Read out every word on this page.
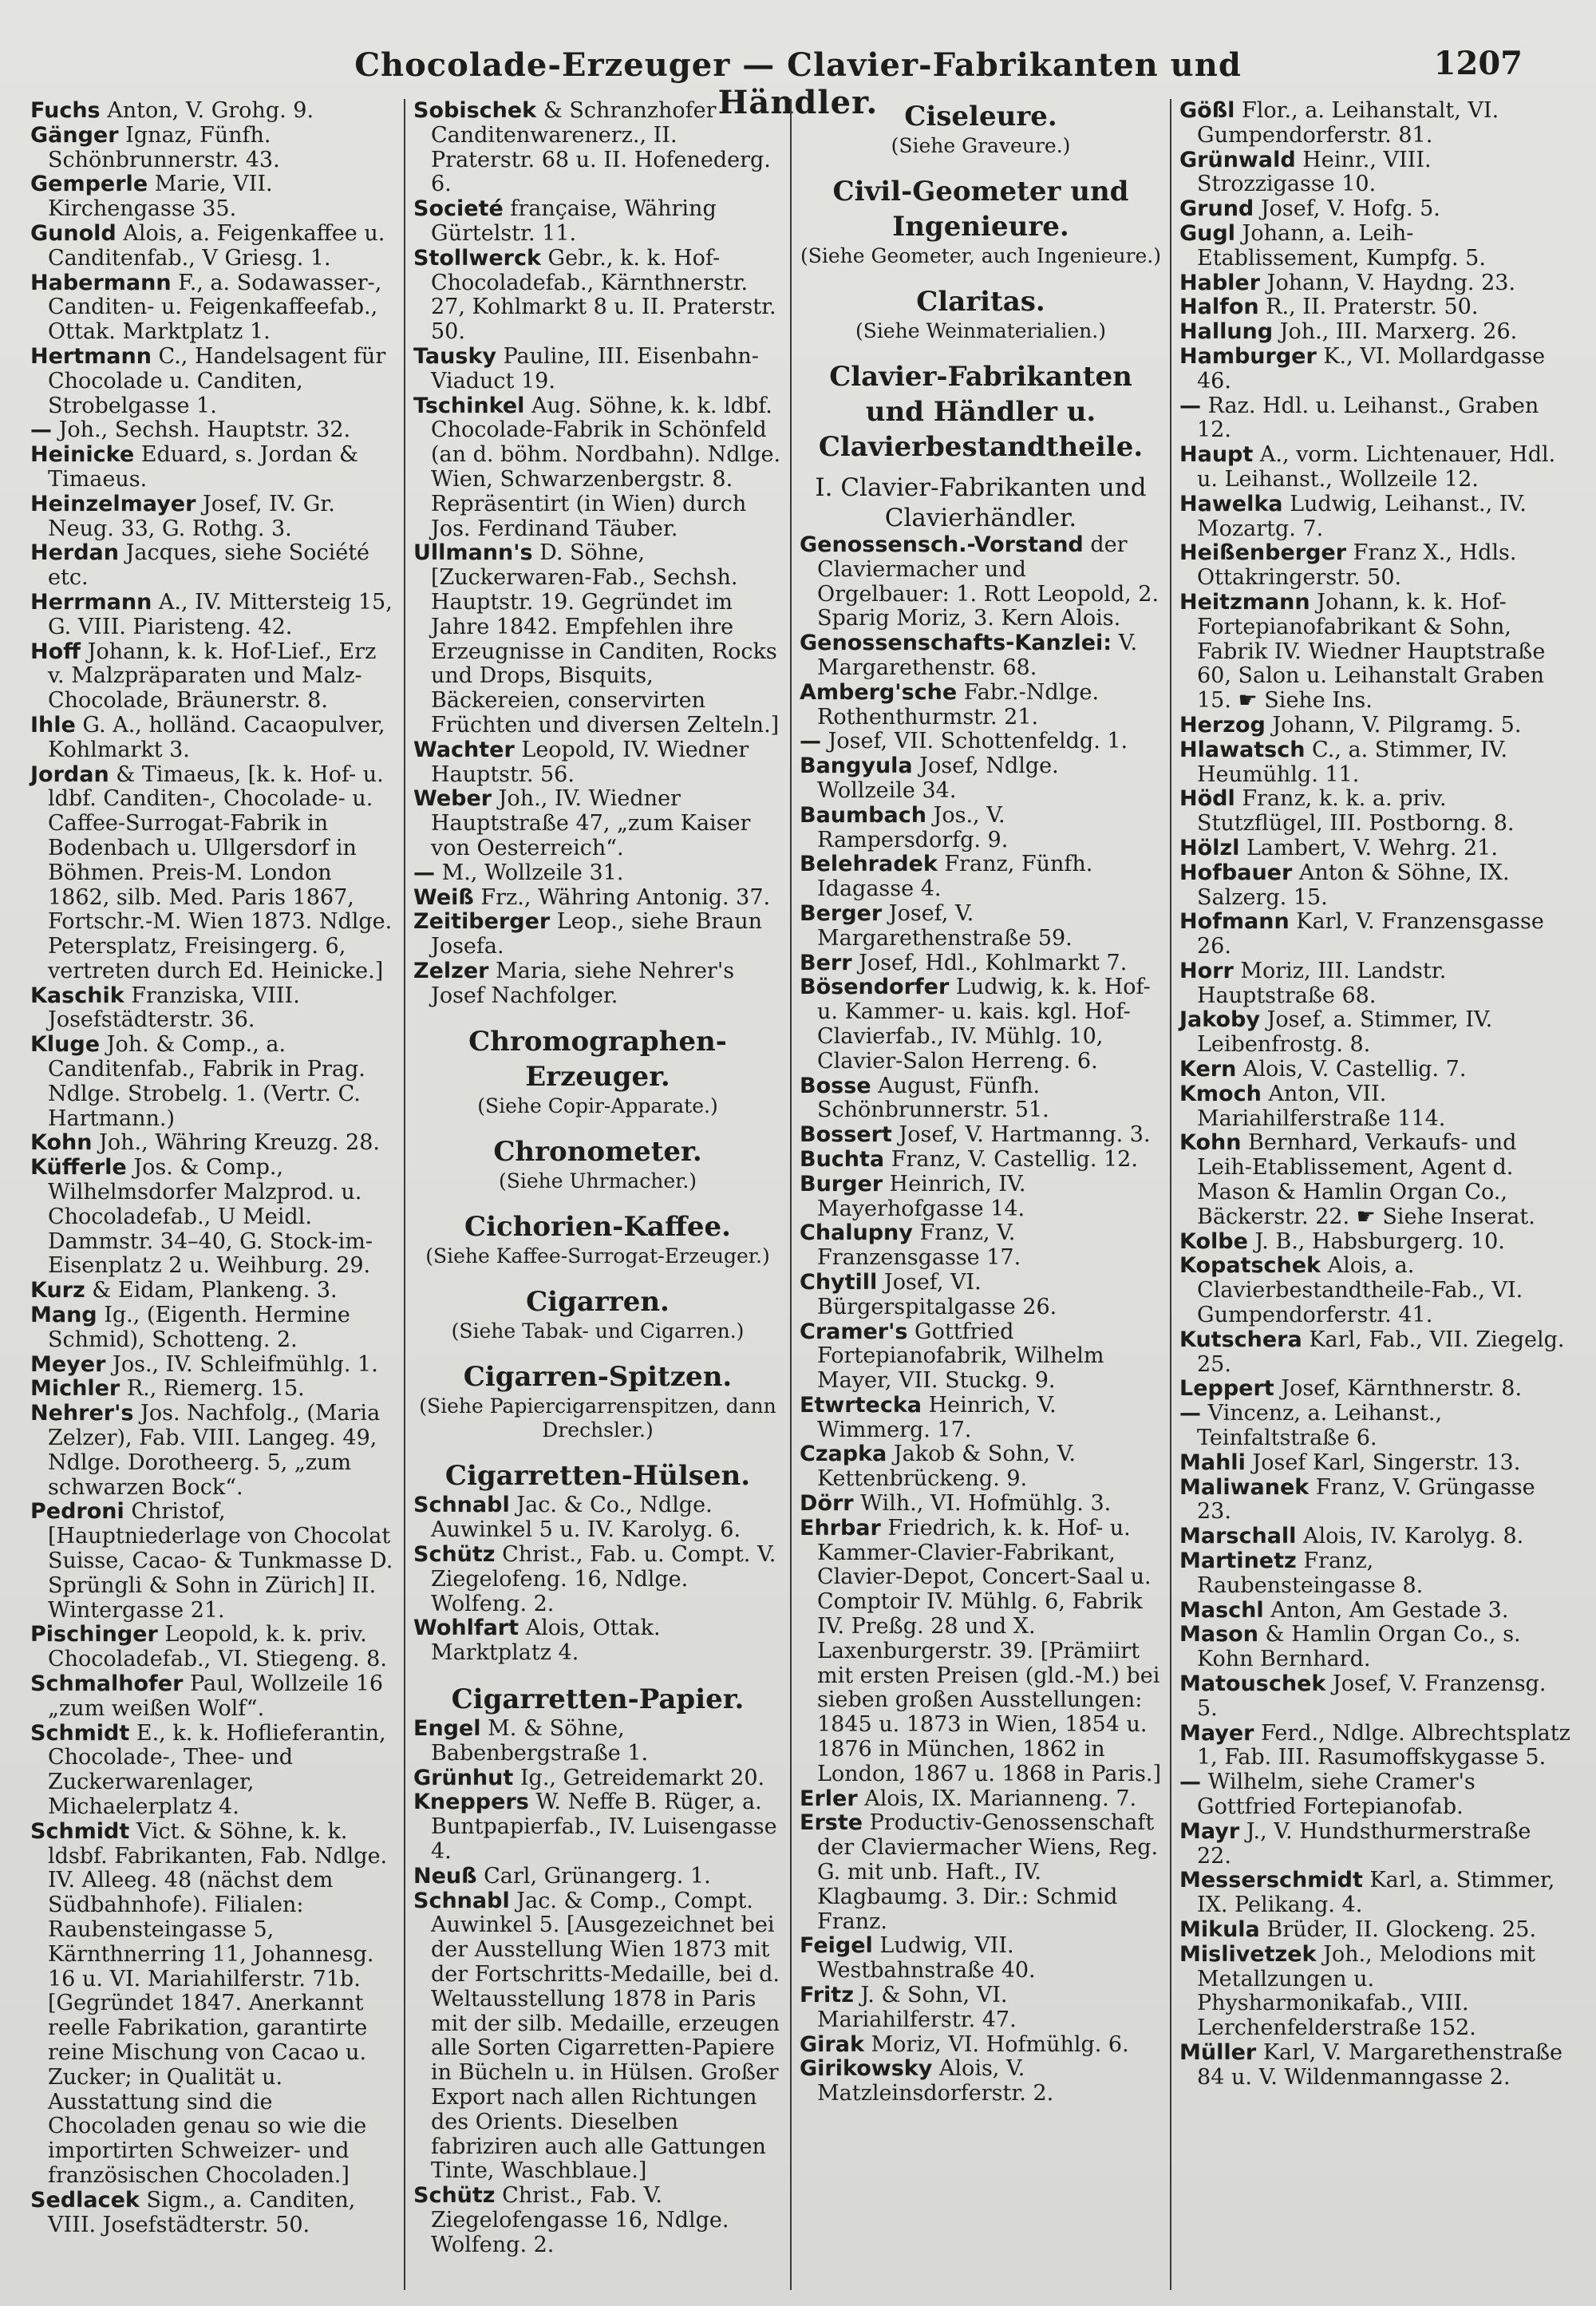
Chocolade-Erzeuger — Clavier-Fabrikanten und Händler.
1207

Fuchs Anton, V. Grohg. 9.

Gänger Ignaz, Fünfh. Schönbrunnerstr. 43.

Gemperle Marie, VII. Kirchengasse 35.

Gunold Alois, a. Feigenkaffee u. Canditenfab., V Griesg. 1.

Habermann F., a. Sodawasser-, Canditen- u. Feigenkaffeefab., Ottak. Marktplatz 1.

Hertmann C., Handelsagent für Chocolade u. Canditen, Strobelgasse 1.

— Joh., Sechsh. Hauptstr. 32.

Heinicke Eduard, s. Jordan & Timaeus.

Heinzelmayer Josef, IV. Gr. Neug. 33, G. Rothg. 3.

Herdan Jacques, siehe Société etc.

Herrmann A., IV. Mittersteig 15, G. VIII. Piaristeng. 42.

Hoff Johann, k. k. Hof-Lief., Erz v. Malzpräparaten und Malz-Chocolade, Bräunerstr. 8.

Ihle G. A., holländ. Cacaopulver, Kohlmarkt 3.

Jordan & Timaeus, [k. k. Hof- u. ldbf. Canditen-, Chocolade- u. Caffee-Surrogat-Fabrik in Bodenbach u. Ullgersdorf in Böhmen. Preis-M. London 1862, silb. Med. Paris 1867, Fortschr.-M. Wien 1873. Ndlge. Petersplatz, Freisingerg. 6, vertreten durch Ed. Heinicke.]

Kaschik Franziska, VIII. Josefstädterstr. 36.

Kluge Joh. & Comp., a. Canditenfab., Fabrik in Prag. Ndlge. Strobelg. 1. (Vertr. C. Hartmann.)

Kohn Joh., Währing Kreuzg. 28.

Küfferle Jos. & Comp., Wilhelmsdorfer Malzprod. u. Chocoladefab., U Meidl. Dammstr. 34–40, G. Stock-im-Eisenplatz 2 u. Weihburg. 29.

Kurz & Eidam, Plankeng. 3.

Mang Ig., (Eigenth. Hermine Schmid), Schotteng. 2.

Meyer Jos., IV. Schleifmühlg. 1.

Michler R., Riemerg. 15.

Nehrer's Jos. Nachfolg., (Maria Zelzer), Fab. VIII. Langeg. 49, Ndlge. Dorotheerg. 5, „zum schwarzen Bock“.

Pedroni Christof, [Hauptniederlage von Chocolat Suisse, Cacao- & Tunkmasse D. Sprüngli & Sohn in Zürich] II. Wintergasse 21.

Pischinger Leopold, k. k. priv. Chocoladefab., VI. Stiegeng. 8.

Schmalhofer Paul, Wollzeile 16 „zum weißen Wolf“.

Schmidt E., k. k. Hoflieferantin, Chocolade-, Thee- und Zuckerwarenlager, Michaelerplatz 4.

Schmidt Vict. & Söhne, k. k. ldsbf. Fabrikanten, Fab. Ndlge. IV. Alleeg. 48 (nächst dem Südbahnhofe). Filialen: Raubensteingasse 5, Kärnthnerring 11, Johannesg. 16 u. VI. Mariahilferstr. 71b. [Gegründet 1847. Anerkannt reelle Fabrikation, garantirte reine Mischung von Cacao u. Zucker; in Qualität u. Ausstattung sind die Chocoladen genau so wie die importirten Schweizer- und französischen Chocoladen.]

Sedlacek Sigm., a. Canditen, VIII. Josefstädterstr. 50.

Sobischek & Schranzhofer Canditenwarenerz., II. Praterstr. 68 u. II. Hofenederg. 6.

Societé française, Währing Gürtelstr. 11.

Stollwerck Gebr., k. k. Hof-Chocoladefab., Kärnthnerstr. 27, Kohlmarkt 8 u. II. Praterstr. 50.

Tausky Pauline, III. Eisenbahn-Viaduct 19.

Tschinkel Aug. Söhne, k. k. ldbf. Chocolade-Fabrik in Schönfeld (an d. böhm. Nordbahn). Ndlge. Wien, Schwarzenbergstr. 8. Repräsentirt (in Wien) durch Jos. Ferdinand Täuber.

Ullmann's D. Söhne, [Zuckerwaren-Fab., Sechsh. Hauptstr. 19. Gegründet im Jahre 1842. Empfehlen ihre Erzeugnisse in Canditen, Rocks und Drops, Bisquits, Bäckereien, conservirten Früchten und diversen Zelteln.]

Wachter Leopold, IV. Wiedner Hauptstr. 56.

Weber Joh., IV. Wiedner Hauptstraße 47, „zum Kaiser von Oesterreich“.

— M., Wollzeile 31.

Weiß Frz., Währing Antonig. 37.

Zeitiberger Leop., siehe Braun Josefa.

Zelzer Maria, siehe Nehrer's Josef Nachfolger.

Chromographen-Erzeuger.
(Siehe Copir-Apparate.)
Chronometer.
(Siehe Uhrmacher.)
Cichorien-Kaffee.
(Siehe Kaffee-Surrogat-Erzeuger.)
Cigarren.
(Siehe Tabak- und Cigarren.)
Cigarren-Spitzen.
(Siehe Papiercigarrenspitzen, dann Drechsler.)
Cigarretten-Hülsen.

Schnabl Jac. & Co., Ndlge. Auwinkel 5 u. IV. Karolyg. 6.

Schütz Christ., Fab. u. Compt. V. Ziegelofeng. 16, Ndlge. Wolfeng. 2.

Wohlfart Alois, Ottak. Marktplatz 4.

Cigarretten-Papier.

Engel M. & Söhne, Babenbergstraße 1.

Grünhut Ig., Getreidemarkt 20.

Kneppers W. Neffe B. Rüger, a. Buntpapierfab., IV. Luisengasse 4.

Neuß Carl, Grünangerg. 1.

Schnabl Jac. & Comp., Compt. Auwinkel 5. [Ausgezeichnet bei der Ausstellung Wien 1873 mit der Fortschritts-Medaille, bei d. Weltausstellung 1878 in Paris mit der silb. Medaille, erzeugen alle Sorten Cigarretten-Papiere in Bücheln u. in Hülsen. Großer Export nach allen Richtungen des Orients. Dieselben fabriziren auch alle Gattungen Tinte, Waschblaue.]

Schütz Christ., Fab. V. Ziegelofengasse 16, Ndlge. Wolfeng. 2.

Ciseleure.
(Siehe Graveure.)
Civil-Geometer und Ingenieure.
(Siehe Geometer, auch Ingenieure.)
Claritas.
(Siehe Weinmaterialien.)
Clavier-Fabrikanten und Händler u. Clavierbestandtheile.
I. Clavier-Fabrikanten und Clavierhändler.

Genossensch.-Vorstand der Claviermacher und Orgelbauer: 1. Rott Leopold, 2. Sparig Moriz, 3. Kern Alois.

Genossenschafts-Kanzlei: V. Margarethenstr. 68.

Amberg'sche Fabr.-Ndlge. Rothenthurmstr. 21.

— Josef, VII. Schottenfeldg. 1.

Bangyula Josef, Ndlge. Wollzeile 34.

Baumbach Jos., V. Rampersdorfg. 9.

Belehradek Franz, Fünfh. Idagasse 4.

Berger Josef, V. Margarethenstraße 59.

Berr Josef, Hdl., Kohlmarkt 7.

Bösendorfer Ludwig, k. k. Hof- u. Kammer- u. kais. kgl. Hof-Clavierfab., IV. Mühlg. 10, Clavier-Salon Herreng. 6.

Bosse August, Fünfh. Schönbrunnerstr. 51.

Bossert Josef, V. Hartmanng. 3.

Buchta Franz, V. Castellig. 12.

Burger Heinrich, IV. Mayerhofgasse 14.

Chalupny Franz, V. Franzensgasse 17.

Chytill Josef, VI. Bürgerspitalgasse 26.

Cramer's Gottfried Fortepianofabrik, Wilhelm Mayer, VII. Stuckg. 9.

Etwrtecka Heinrich, V. Wimmerg. 17.

Czapka Jakob & Sohn, V. Kettenbrückeng. 9.

Dörr Wilh., VI. Hofmühlg. 3.

Ehrbar Friedrich, k. k. Hof- u. Kammer-Clavier-Fabrikant, Clavier-Depot, Concert-Saal u. Comptoir IV. Mühlg. 6, Fabrik IV. Preßg. 28 und X. Laxenburgerstr. 39. [Prämiirt mit ersten Preisen (gld.-M.) bei sieben großen Ausstellungen: 1845 u. 1873 in Wien, 1854 u. 1876 in München, 1862 in London, 1867 u. 1868 in Paris.]

Erler Alois, IX. Marianneng. 7.

Erste Productiv-Genossenschaft der Claviermacher Wiens, Reg. G. mit unb. Haft., IV. Klagbaumg. 3. Dir.: Schmid Franz.

Feigel Ludwig, VII. Westbahnstraße 40.

Fritz J. & Sohn, VI. Mariahilferstr. 47.

Girak Moriz, VI. Hofmühlg. 6.

Girikowsky Alois, V. Matzleinsdorferstr. 2.

Gößl Flor., a. Leihanstalt, VI. Gumpendorferstr. 81.

Grünwald Heinr., VIII. Strozzigasse 10.

Grund Josef, V. Hofg. 5.

Gugl Johann, a. Leih-Etablissement, Kumpfg. 5.

Habler Johann, V. Haydng. 23.

Halfon R., II. Praterstr. 50.

Hallung Joh., III. Marxerg. 26.

Hamburger K., VI. Mollardgasse 46.

— Raz. Hdl. u. Leihanst., Graben 12.

Haupt A., vorm. Lichtenauer, Hdl. u. Leihanst., Wollzeile 12.

Hawelka Ludwig, Leihanst., IV. Mozartg. 7.

Heißenberger Franz X., Hdls. Ottakringerstr. 50.

Heitzmann Johann, k. k. Hof-Fortepianofabrikant & Sohn, Fabrik IV. Wiedner Hauptstraße 60, Salon u. Leihanstalt Graben 15. ☛ Siehe Ins.

Herzog Johann, V. Pilgramg. 5.

Hlawatsch C., a. Stimmer, IV. Heumühlg. 11.

Hödl Franz, k. k. a. priv. Stutzflügel, III. Postborng. 8.

Hölzl Lambert, V. Wehrg. 21.

Hofbauer Anton & Söhne, IX. Salzerg. 15.

Hofmann Karl, V. Franzensgasse 26.

Horr Moriz, III. Landstr. Hauptstraße 68.

Jakoby Josef, a. Stimmer, IV. Leibenfrostg. 8.

Kern Alois, V. Castellig. 7.

Kmoch Anton, VII. Mariahilferstraße 114.

Kohn Bernhard, Verkaufs- und Leih-Etablissement, Agent d. Mason & Hamlin Organ Co., Bäckerstr. 22. ☛ Siehe Inserat.

Kolbe J. B., Habsburgerg. 10.

Kopatschek Alois, a. Clavierbestandtheile-Fab., VI. Gumpendorferstr. 41.

Kutschera Karl, Fab., VII. Ziegelg. 25.

Leppert Josef, Kärnthnerstr. 8.

— Vincenz, a. Leihanst., Teinfaltstraße 6.

Mahli Josef Karl, Singerstr. 13.

Maliwanek Franz, V. Grüngasse 23.

Marschall Alois, IV. Karolyg. 8.

Martinetz Franz, Raubensteingasse 8.

Maschl Anton, Am Gestade 3.

Mason & Hamlin Organ Co., s. Kohn Bernhard.

Matouschek Josef, V. Franzensg. 5.

Mayer Ferd., Ndlge. Albrechtsplatz 1, Fab. III. Rasumoffskygasse 5.

— Wilhelm, siehe Cramer's Gottfried Fortepianofab.

Mayr J., V. Hundsthurmerstraße 22.

Messerschmidt Karl, a. Stimmer, IX. Pelikang. 4.

Mikula Brüder, II. Glockeng. 25.

Mislivetzek Joh., Melodions mit Metallzungen u. Physharmonikafab., VIII. Lerchenfelderstraße 152.

Müller Karl, V. Margarethenstraße 84 u. V. Wildenmanngasse 2.
